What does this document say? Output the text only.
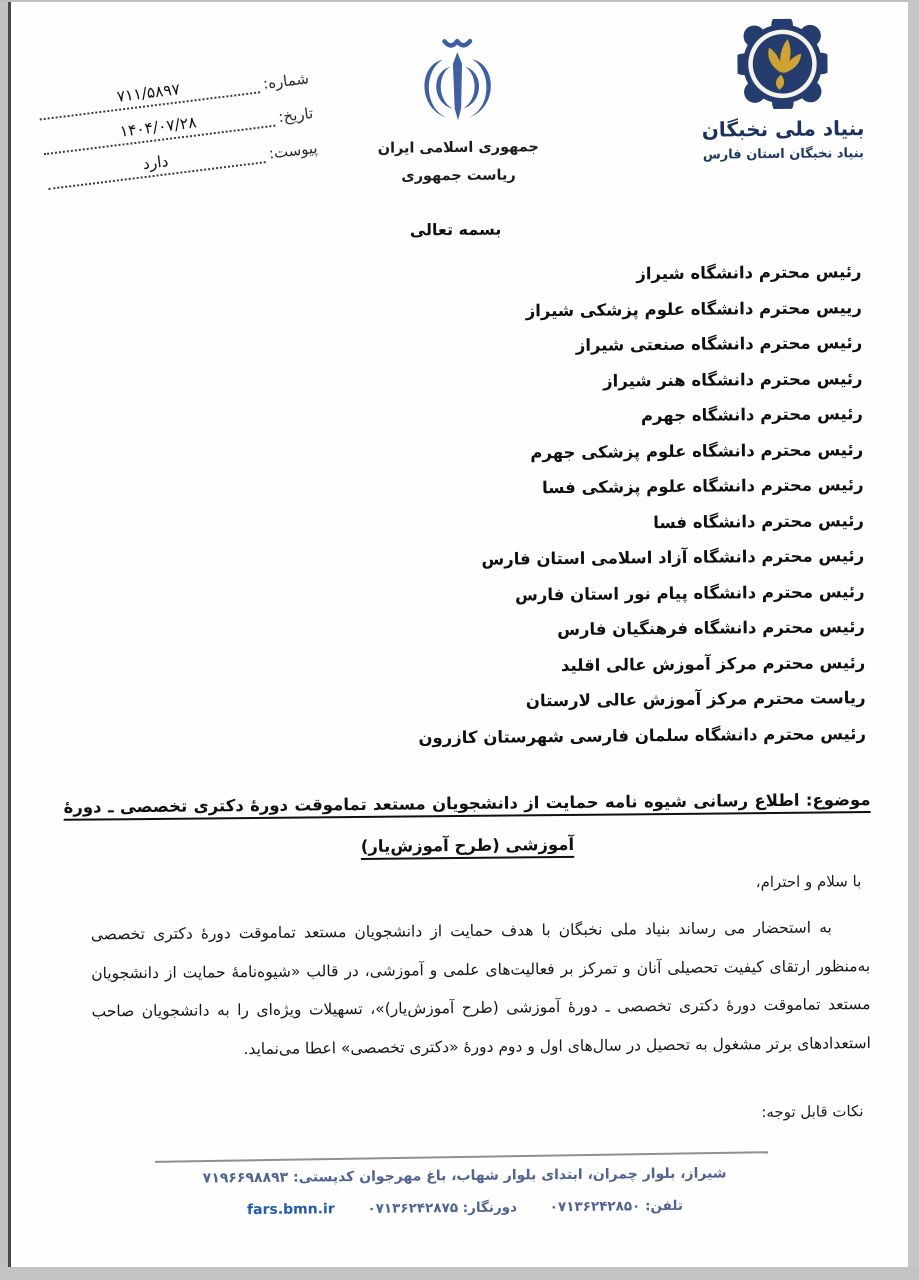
شماره:
۷۱۱/۵۸۹۷
تاریخ:
۱۴۰۴/۰۷/۲۸
پیوست:
دارد
جمهوری اسلامی ایران
ریاست جمهوری
بنیاد ملی نخبگان
بنیاد نخبگان استان فارس
بسمه تعالی
رئیس محترم دانشگاه شیراز
رییس محترم دانشگاه علوم پزشکی شیراز
رئیس محترم دانشگاه صنعتی شیراز
رئیس محترم دانشگاه هنر شیراز
رئیس محترم دانشگاه جهرم
رئیس محترم دانشگاه علوم پزشکی جهرم
رئیس محترم دانشگاه علوم پزشکی فسا
رئیس محترم دانشگاه فسا
رئیس محترم دانشگاه آزاد اسلامی استان فارس
رئیس محترم دانشگاه پیام نور استان فارس
رئیس محترم دانشگاه فرهنگیان فارس
رئیس محترم مرکز آموزش عالی اقلید
ریاست محترم مرکز آموزش عالی لارستان
رئیس محترم دانشگاه سلمان فارسی شهرستان کازرون
موضوع: اطلاع رسانی شیوه نامه حمایت از دانشجویان مستعد تماموقت دورهٔ دکتری تخصصی ـ دورهٔ
آموزشی (طرح آموزش‌یار)
با سلام و احترام،

به استحضار می رساند بنیاد ملی نخبگان با هدف حمایت از دانشجویان مستعد تماموقت دورهٔ دکتری تخصصی به‌منظور ارتقای کیفیت تحصیلی آنان و تمرکز بر فعالیت‌های علمی و آموزشی، در قالب «شیوه‌نامهٔ حمایت از دانشجویان مستعد تماموقت دورهٔ دکتری تخصصی ـ دورهٔ آموزشی (طرح آموزش‌یار)»، تسهیلات ویژه‌ای را به دانشجویان صاحب استعدادهای برتر مشغول به تحصیل در سال‌های اول و دوم دورهٔ «دکتری تخصصی» اعطا می‌نماید.

نکات قابل توجه:
شیراز، بلوار چمران، ابتدای بلوار شهاب، باغ مهرجوان کدپستی: ۷۱۹۶۶۹۸۸۹۳
تلفن: ۰۷۱۳۶۲۴۲۸۵۰ دورنگار: ۰۷۱۳۶۲۴۲۸۷۵ fars.bmn.ir
